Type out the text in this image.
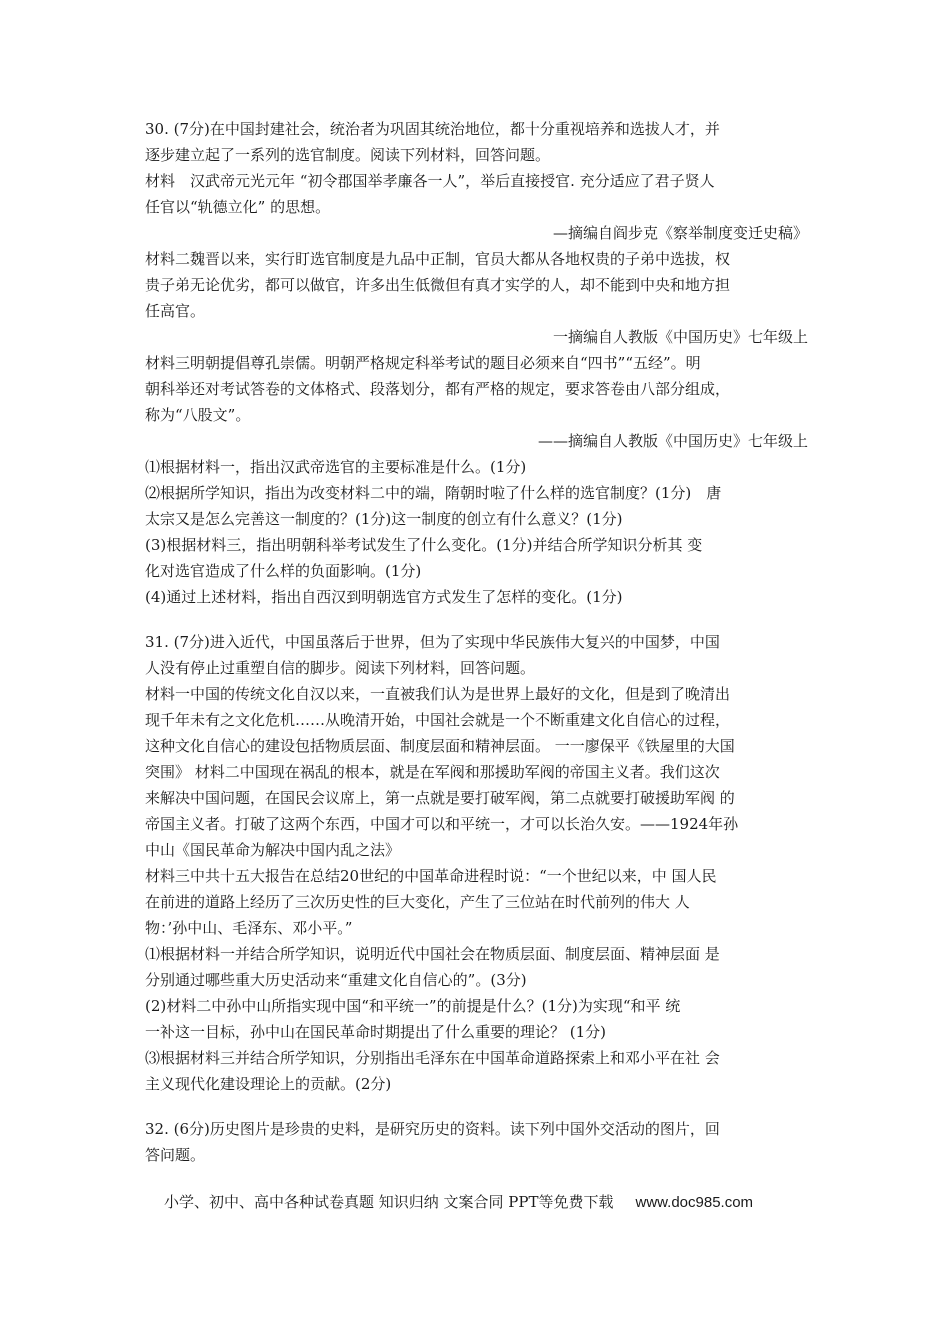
30. (7分)在中国封建社会，统治者为巩固其统治地位，都十分重视培养和选拔人才，并
逐步建立起了一系列的选官制度。阅读下列材料，回答问题。
材料　汉武帝元光元年 “初令郡国举孝廉各一人”，举后直接授官. 充分适应了君子贤人
任官以“轨德立化” 的思想。
—摘编自阎步克《察举制度变迁史稿》
材料二魏晋以来，实行盯选官制度是九品中正制，官员大都从各地权贵的子弟中选拔，权
贵子弟无论优劣，都可以做官，许多出生低微但有真才实学的人，却不能到中央和地方担
任高官。
一摘编自人教版《中国历史》七年级上
材料三明朝提倡尊孔崇儒。明朝严格规定科举考试的题目必须来自“四书”“五经”。明
朝科举还对考试答卷的文体格式、段落划分，都有严格的规定，要求答卷由八部分组成，
称为“八股文”。
——摘编自人教版《中国历史》七年级上
⑴根据材料一，指出汉武帝选官的主要标准是什么。(1分)
⑵根据所学知识，指出为改变材料二中的端，隋朝时啦了什么样的选官制度？(1分)　唐
太宗又是怎么完善这一制度的？(1分)这一制度的创立有什么意义？(1分)
(3)根据材料三，指出明朝科举考试发生了什么变化。(1分)并结合所学知识分析其 变
化对选官造成了什么样的负面影响。(1分)
(4)通过上述材料，指出自西汉到明朝选官方式发生了怎样的变化。(1分)
31. (7分)进入近代，中国虽落后于世界，但为了实现中华民族伟大复兴的中国梦，中国
人没有停止过重塑自信的脚步。阅读下列材料，回答问题。
材料一中国的传统文化自汉以来，一直被我们认为是世界上最好的文化，但是到了晚清出
现千年未有之文化危机……从晚清开始，中国社会就是一个不断重建文化自信心的过程，
这种文化自信心的建设包括物质层面、制度层面和精神层面。 一一廖保平《铁屋里的大国
突围》 材料二中国现在祸乱的根本，就是在军阀和那援助军阀的帝国主义者。我们这次
来解决中国问题，在国民会议席上，第一点就是要打破军阀，第二点就要打破援助军阀 的
帝国主义者。打破了这两个东西，中国才可以和平统一，才可以长治久安。——1924年孙
中山《国民革命为解决中国内乱之法》
材料三中共十五大报告在总结20世纪的中国革命进程时说：“一个世纪以来，中 国人民
在前进的道路上经历了三次历史性的巨大变化，产生了三位站在时代前列的伟大 人
物：’孙中山、毛泽东、邓小平。”
⑴根据材料一并结合所学知识，说明近代中国社会在物质层面、制度层面、精神层面 是
分别通过哪些重大历史活动来“重建文化自信心的”。(3分)
(2)材料二中孙中山所指实现中国“和平统一”的前提是什么？(1分)为实现“和平 统
一补这一目标，孙中山在国民革命时期提出了什么重要的理论？ (1分)
⑶根据材料三并结合所学知识，分别指出毛泽东在中国革命道路探索上和邓小平在社 会
主义现代化建设理论上的贡献。(2分)
32. (6分)历史图片是珍贵的史料，是研究历史的资料。读下列中国外交活动的图片，回
答问题。
小学、初中、高中各种试卷真题 知识归纳 文案合同 PPT等免费下载 www.doc985.com
